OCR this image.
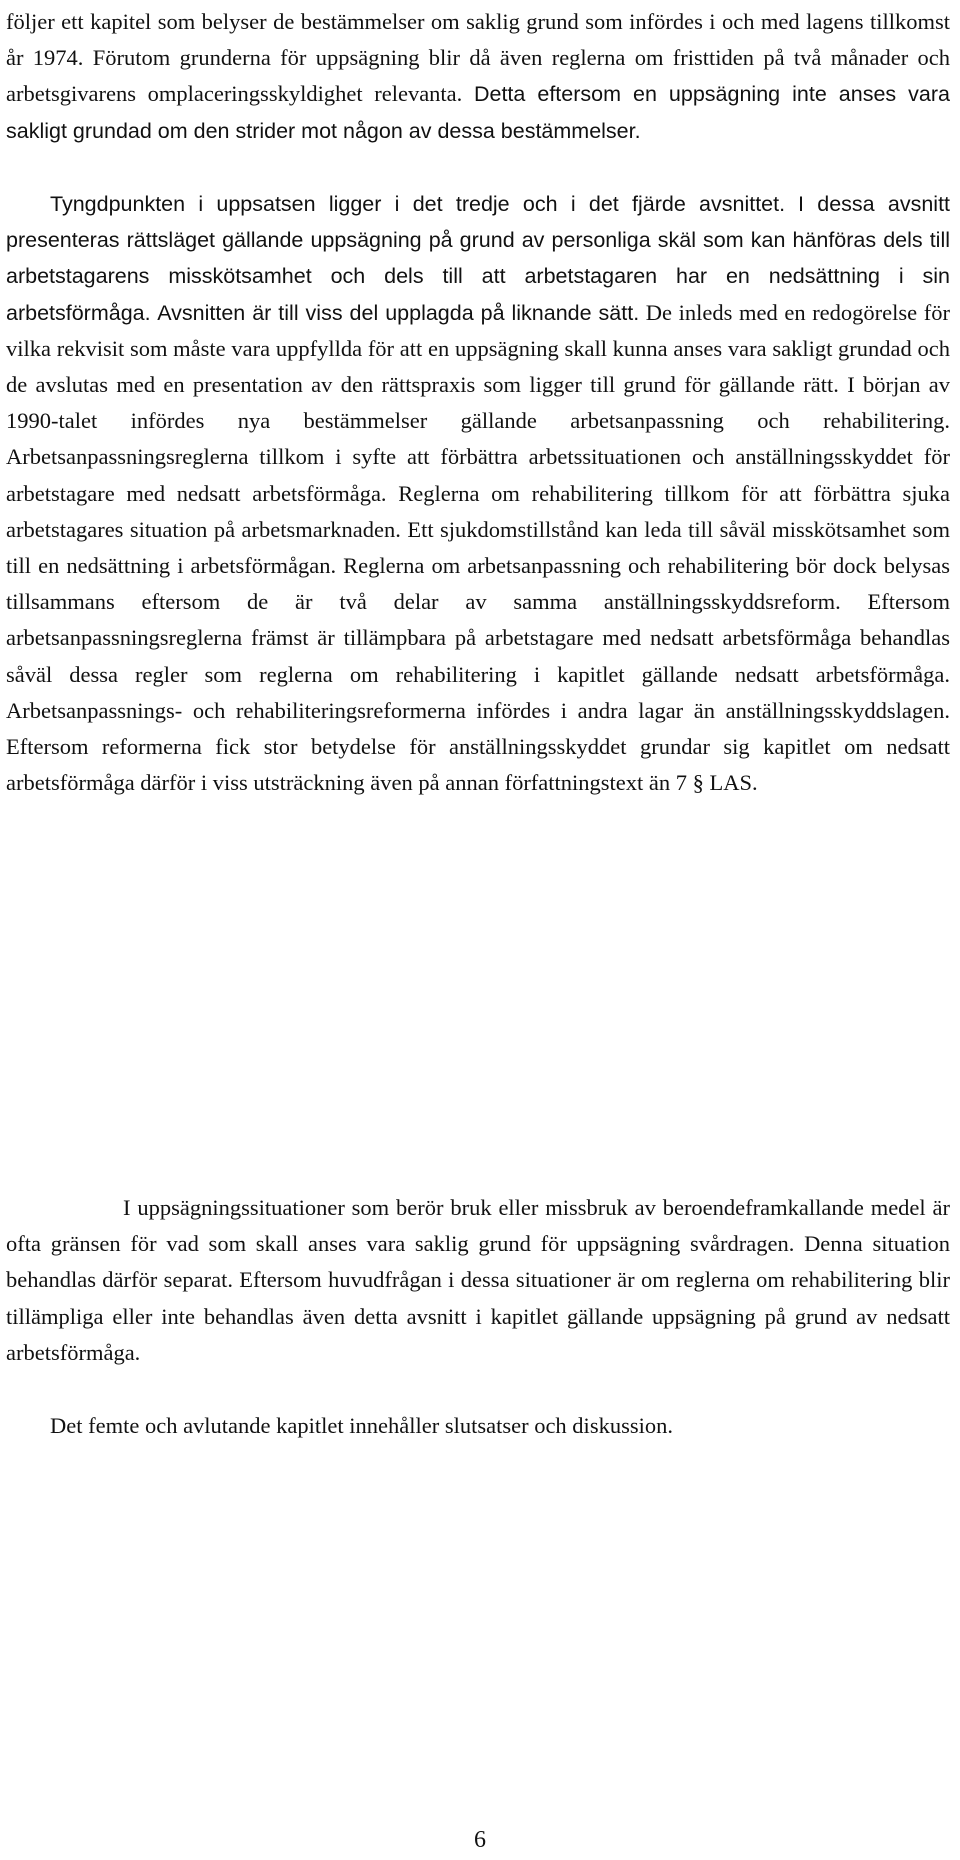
följer ett kapitel som belyser de bestämmelser om saklig grund som infördes i och med lagens tillkomst år 1974. Förutom grunderna för uppsägning blir då även reglerna om fristtiden på två månader och arbetsgivarens omplaceringsskyldighet relevanta. Detta eftersom en uppsägning inte anses vara sakligt grundad om den strider mot någon av dessa bestämmelser.

Tyngdpunkten i uppsatsen ligger i det tredje och i det fjärde avsnittet. I dessa avsnitt presenteras rättsläget gällande uppsägning på grund av personliga skäl som kan hänföras dels till arbetstagarens misskötsamhet och dels till att arbetstagaren har en nedsättning i sin arbetsförmåga. Avsnitten är till viss del upplagda på liknande sätt. De inleds med en redogörelse för vilka rekvisit som måste vara uppfyllda för att en uppsägning skall kunna anses vara sakligt grundad och de avslutas med en presentation av den rättspraxis som ligger till grund för gällande rätt. I början av 1990-talet infördes nya bestämmelser gällande arbetsanpassning och rehabilitering. Arbetsanpassningsreglerna tillkom i syfte att förbättra arbetssituationen och anställningsskyddet för arbetstagare med nedsatt arbetsförmåga. Reglerna om rehabilitering tillkom för att förbättra sjuka arbetstagares situation på arbetsmarknaden. Ett sjukdomstillstånd kan leda till såväl misskötsamhet som till en nedsättning i arbetsförmågan. Reglerna om arbetsanpassning och rehabilitering bör dock belysas tillsammans eftersom de är två delar av samma anställningsskyddsreform. Eftersom arbetsanpassningsreglerna främst är tillämpbara på arbetstagare med nedsatt arbetsförmåga behandlas såväl dessa regler som reglerna om rehabilitering i kapitlet gällande nedsatt arbetsförmåga. Arbetsanpassnings- och rehabiliteringsreformerna infördes i andra lagar än anställningsskyddslagen. Eftersom reformerna fick stor betydelse för anställningsskyddet grundar sig kapitlet om nedsatt arbetsförmåga därför i viss utsträckning även på annan författningstext än 7 § LAS.

I uppsägningssituationer som berör bruk eller missbruk av beroendeframkallande medel är ofta gränsen för vad som skall anses vara saklig grund för uppsägning svårdragen. Denna situation behandlas därför separat. Eftersom huvudfrågan i dessa situationer är om reglerna om rehabilitering blir tillämpliga eller inte behandlas även detta avsnitt i kapitlet gällande uppsägning på grund av nedsatt arbetsförmåga.

Det femte och avlutande kapitlet innehåller slutsatser och diskussion.

6
